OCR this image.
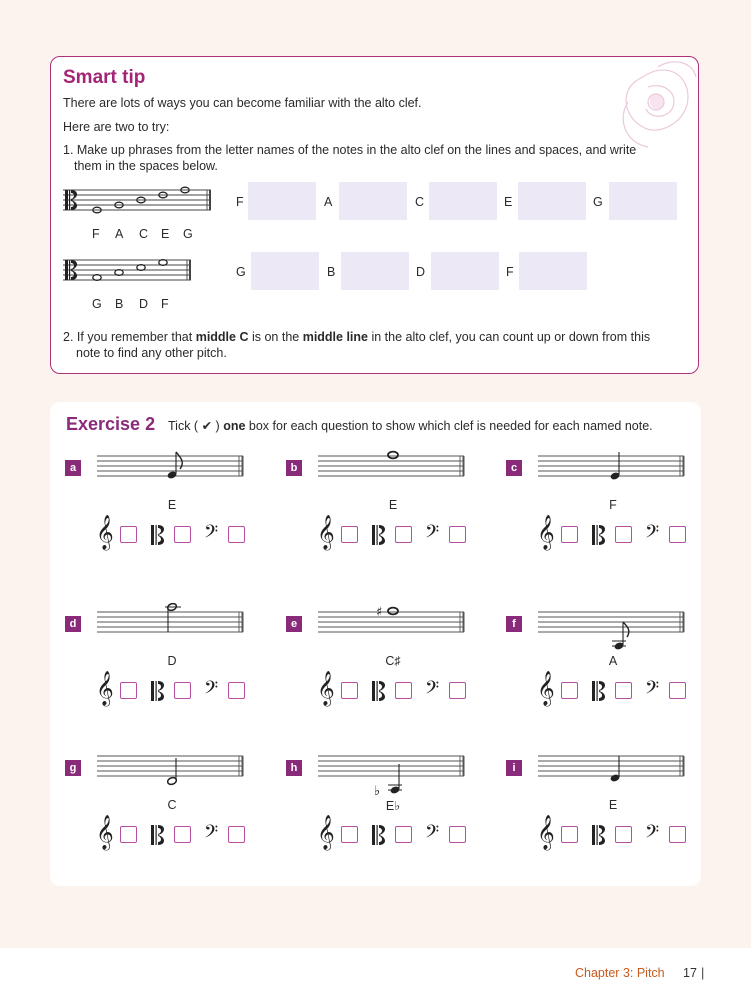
Smart tip
There are lots of ways you can become familiar with the alto clef.
Here are two to try:
1. Make up phrases from the letter names of the notes in the alto clef on the lines and spaces, and write
them in the spaces below.
F A C E G
F	A	C	E	G
G B D F
G	B	D	F
2. If you remember that middle C is on the middle line in the alto clef, you can count up or down from this
note to find any other pitch.
Exercise 2 Tick ( ✔ ) one box for each question to show which clef is needed for each named note.
a
E
𝄞	𝄢
b
E
𝄞	𝄢
c
F
𝄞	𝄢
d
D
𝄞	𝄢
e
♯
C♯
𝄞	𝄢
f
A
𝄞	𝄢
g
C
𝄞	𝄢
h
♭
E♭
𝄞	𝄢
i
E
𝄞	𝄢
Chapter 3: Pitch	|
17
